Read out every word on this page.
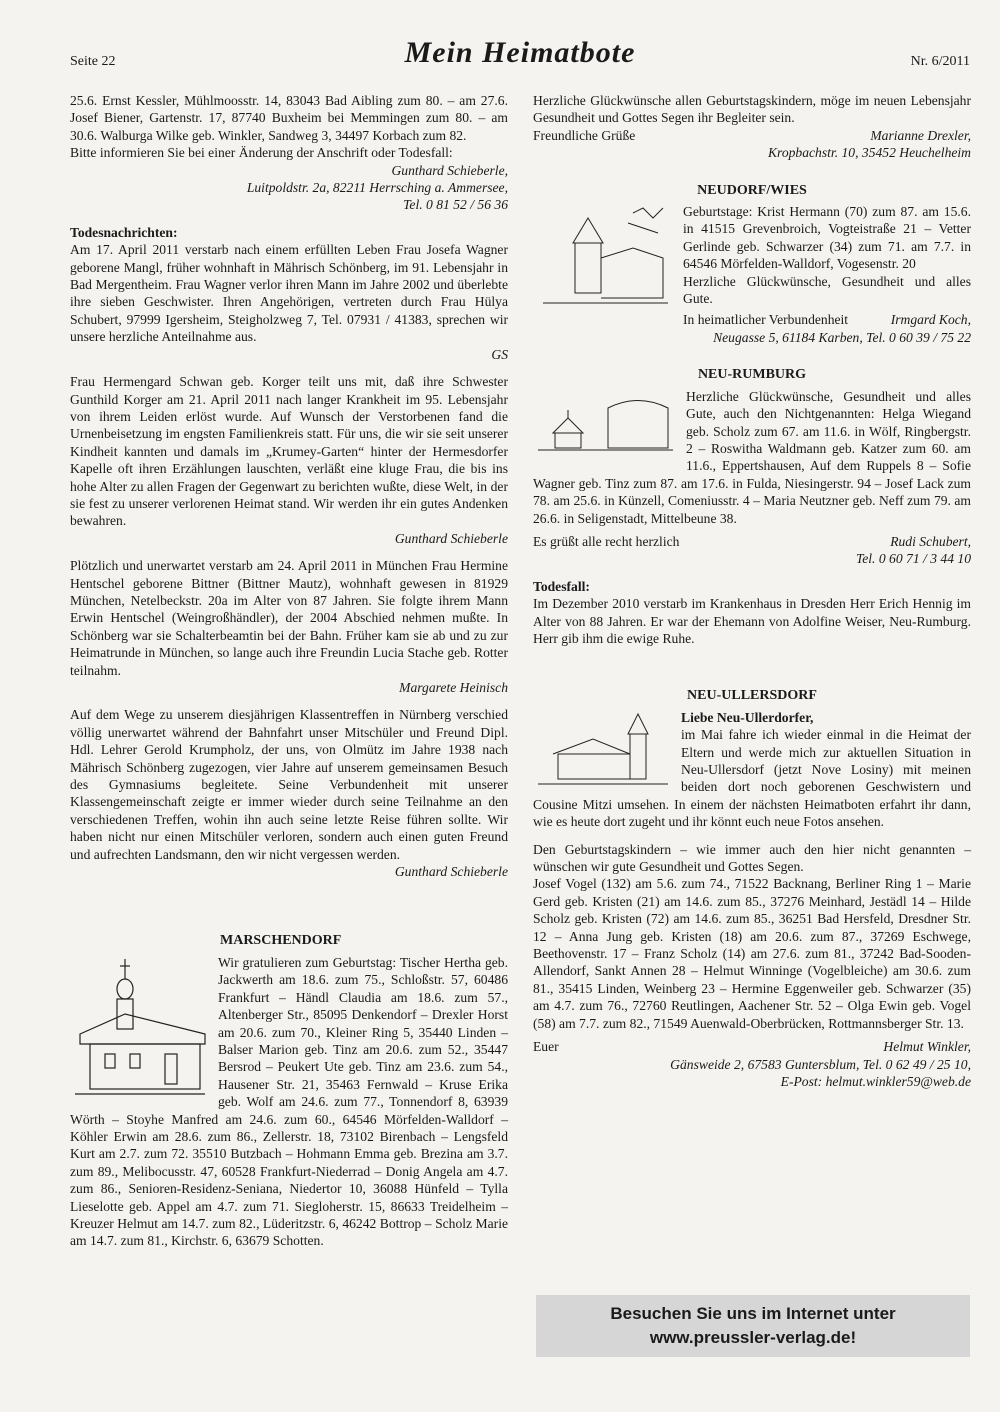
Seite 22	Mein Heimatbote	Nr. 6/2011

25.6. Ernst Kessler, Mühlmoosstr. 14, 83043 Bad Aibling zum 80. – am 27.6. Josef Biener, Gartenstr. 17, 87740 Buxheim bei Memmingen zum 80. – am 30.6. Walburga Wilke geb. Winkler, Sandweg 3, 34497 Korbach zum 82.

Bitte informieren Sie bei einer Änderung der Anschrift oder Todesfall:

Gunthard Schieberle,

Luitpoldstr. 2a, 82211 Herrsching a. Ammersee,

Tel. 0 81 52 / 56 36

Todesnachrichten:

Am 17. April 2011 verstarb nach einem erfüllten Leben Frau Josefa Wagner geborene Mangl, früher wohnhaft in Mährisch Schönberg, im 91. Lebensjahr in Bad Mergentheim. Frau Wagner verlor ihren Mann im Jahre 2002 und überlebte ihre sieben Geschwister. Ihren Angehörigen, vertreten durch Frau Hülya Schubert, 97999 Igersheim, Steigholzweg 7, Tel. 07931 / 41383, sprechen wir unsere herzliche Anteilnahme aus.

GS

Frau Hermengard Schwan geb. Korger teilt uns mit, daß ihre Schwester Gunthild Korger am 21. April 2011 nach langer Krankheit im 95. Lebensjahr von ihrem Leiden erlöst wurde. Auf Wunsch der Verstorbenen fand die Urnenbeisetzung im engsten Familienkreis statt. Für uns, die wir sie seit unserer Kindheit kannten und damals im „Krumey-Garten“ hinter der Hermesdorfer Kapelle oft ihren Erzählungen lauschten, verläßt eine kluge Frau, die bis ins hohe Alter zu allen Fragen der Gegenwart zu berichten wußte, diese Welt, in der sie fest zu unserer verlorenen Heimat stand. Wir werden ihr ein gutes Andenken bewahren.

Gunthard Schieberle

Plötzlich und unerwartet verstarb am 24. April 2011 in München Frau Hermine Hentschel geborene Bittner (Bittner Mautz), wohnhaft gewesen in 81929 München, Netelbeckstr. 20a im Alter von 87 Jahren. Sie folgte ihrem Mann Erwin Hentschel (Weingroßhändler), der 2004 Abschied nehmen mußte. In Schönberg war sie Schalterbeamtin bei der Bahn. Früher kam sie ab und zu zur Heimatrunde in München, so lange auch ihre Freundin Lucia Stache geb. Rotter teilnahm.

Margarete Heinisch

Auf dem Wege zu unserem diesjährigen Klassentreffen in Nürnberg verschied völlig unerwartet während der Bahnfahrt unser Mitschüler und Freund Dipl. Hdl. Lehrer Gerold Krumpholz, der uns, von Olmütz im Jahre 1938 nach Mährisch Schönberg zugezogen, vier Jahre auf unserem gemeinsamen Besuch des Gymnasiums begleitete. Seine Verbundenheit mit unserer Klassengemeinschaft zeigte er immer wieder durch seine Teilnahme an den verschiedenen Treffen, wohin ihn auch seine letzte Reise führen sollte. Wir haben nicht nur einen Mitschüler verloren, sondern auch einen guten Freund und aufrechten Landsmann, den wir nicht vergessen werden.

Gunthard Schieberle

MARSCHENDORF

Wir gratulieren zum Geburtstag: Tischer Hertha geb. Jackwerth am 18.6. zum 75., Schloßstr. 57, 60486 Frankfurt – Händl Claudia am 18.6. zum 57., Altenberger Str., 85095 Denkendorf – Drexler Horst am 20.6. zum 70., Kleiner Ring 5, 35440 Linden – Balser Marion geb. Tinz am 20.6. zum 52., 35447 Bersrod – Peukert Ute geb. Tinz am 23.6. zum 54., Hausener Str. 21, 35463 Fernwald – Kruse Erika geb. Wolf am 24.6. zum 77., Tonnendorf 8, 63939 Wörth – Stoyhe Manfred am 24.6. zum 60., 64546 Mörfelden-Walldorf – Köhler Erwin am 28.6. zum 86., Zellerstr. 18, 73102 Birenbach – Lengsfeld Kurt am 2.7. zum 72. 35510 Butzbach – Hohmann Emma geb. Brezina am 3.7. zum 89., Melibocusstr. 47, 60528 Frankfurt-Niederrad – Donig Angela am 4.7. zum 86., Senioren-Residenz-Seniana, Niedertor 10, 36088 Hünfeld – Tylla Lieselotte geb. Appel am 4.7. zum 71. Siegloherstr. 15, 86633 Treidelheim – Kreuzer Helmut am 14.7. zum 82., Lüderitzstr. 6, 46242 Bottrop – Scholz Marie am 14.7. zum 81., Kirchstr. 6, 63679 Schotten.

Herzliche Glückwünsche allen Geburtstagskindern, möge im neuen Lebensjahr Gesundheit und Gottes Segen ihr Begleiter sein.

Freundliche Grüße	Marianne Drexler,

Kropbachstr. 10, 35452 Heuchelheim

NEUDORF/WIES

Geburtstage: Krist Hermann (70) zum 87. am 15.6. in 41515 Grevenbroich, Vogteistraße 21 – Vetter Gerlinde geb. Schwarzer (34) zum 71. am 7.7. in 64546 Mörfelden-Walldorf, Vogesenstr. 20

Herzliche Glückwünsche, Gesundheit und alles Gute.

In heimatlicher Verbundenheit	Irmgard Koch,

Neugasse 5, 61184 Karben, Tel. 0 60 39 / 75 22

NEU-RUMBURG

Herzliche Glückwünsche, Gesundheit und alles Gute, auch den Nichtgenannten: Helga Wiegand geb. Scholz zum 67. am 11.6. in Wölf, Ringbergstr. 2 – Roswitha Waldmann geb. Katzer zum 60. am 11.6., Eppertshausen, Auf dem Ruppels 8 – Sofie Wagner geb. Tinz zum 87. am 17.6. in Fulda, Niesingerstr. 94 – Josef Lack zum 78. am 25.6. in Künzell, Comeniusstr. 4 – Maria Neutzner geb. Neff zum 79. am 26.6. in Seligenstadt, Mittelbeune 38.

Es grüßt alle recht herzlich	Rudi Schubert,

Tel. 0 60 71 / 3 44 10

Todesfall:

Im Dezember 2010 verstarb im Krankenhaus in Dresden Herr Erich Hennig im Alter von 88 Jahren. Er war der Ehemann von Adolfine Weiser, Neu-Rumburg. Herr gib ihm die ewige Ruhe.

NEU-ULLERSDORF

Liebe Neu-Ullerdorfer,

im Mai fahre ich wieder einmal in die Heimat der Eltern und werde mich zur aktuellen Situation in Neu-Ullersdorf (jetzt Nove Losiny) mit meinen beiden dort noch geborenen Geschwistern und Cousine Mitzi umsehen. In einem der nächsten Heimatboten erfahrt ihr dann, wie es heute dort zugeht und ihr könnt euch neue Fotos ansehen.

Den Geburtstagskindern – wie immer auch den hier nicht genannten – wünschen wir gute Gesundheit und Gottes Segen.

Josef Vogel (132) am 5.6. zum 74., 71522 Backnang, Berliner Ring 1 – Marie Gerd geb. Kristen (21) am 14.6. zum 85., 37276 Meinhard, Jestädl 14 – Hilde Scholz geb. Kristen (72) am 14.6. zum 85., 36251 Bad Hersfeld, Dresdner Str. 12 – Anna Jung geb. Kristen (18) am 20.6. zum 87., 37269 Eschwege, Beethovenstr. 17 – Franz Scholz (14) am 27.6. zum 81., 37242 Bad-Sooden-Allendorf, Sankt Annen 28 – Helmut Winninge (Vogelbleiche) am 30.6. zum 81., 35415 Linden, Weinberg 23 – Hermine Eggenweiler geb. Schwarzer (35) am 4.7. zum 76., 72760 Reutlingen, Aachener Str. 52 – Olga Ewin geb. Vogel (58) am 7.7. zum 82., 71549 Auenwald-Oberbrücken, Rottmannsberger Str. 13.

Euer	Helmut Winkler,

Gänsweide 2, 67583 Guntersblum, Tel. 0 62 49 / 25 10,

E-Post: helmut.winkler59@web.de

Besuchen Sie uns im Internet unter
www.preussler-verlag.de!
